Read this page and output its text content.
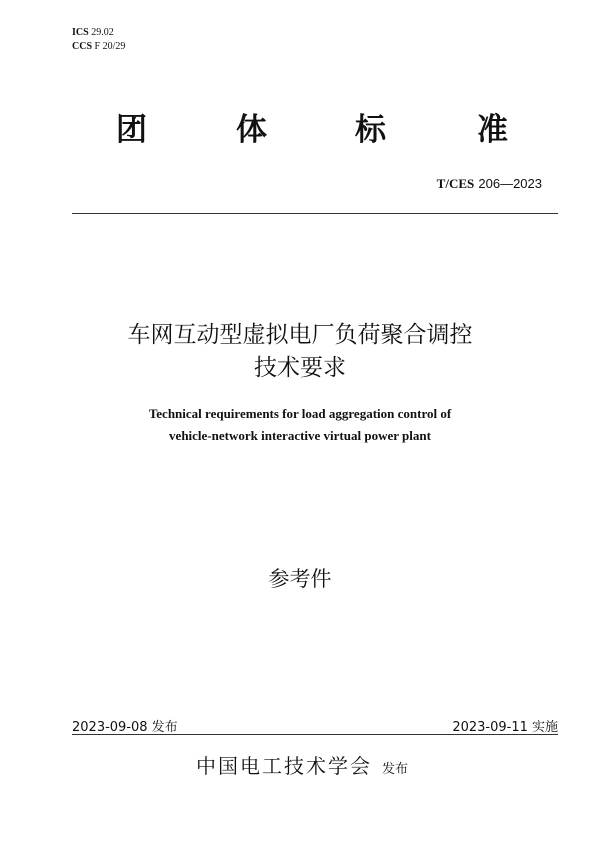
ICS 29.02
CCS F 20/29
团	体	标	准
T/CES 206—2023
车网互动型虚拟电厂负荷聚合调控
技术要求
Technical requirements for load aggregation control of
vehicle-network interactive virtual power plant
参考件
2023-09-08 发布	2023-09-11 实施
中国电工技术学会 发布
